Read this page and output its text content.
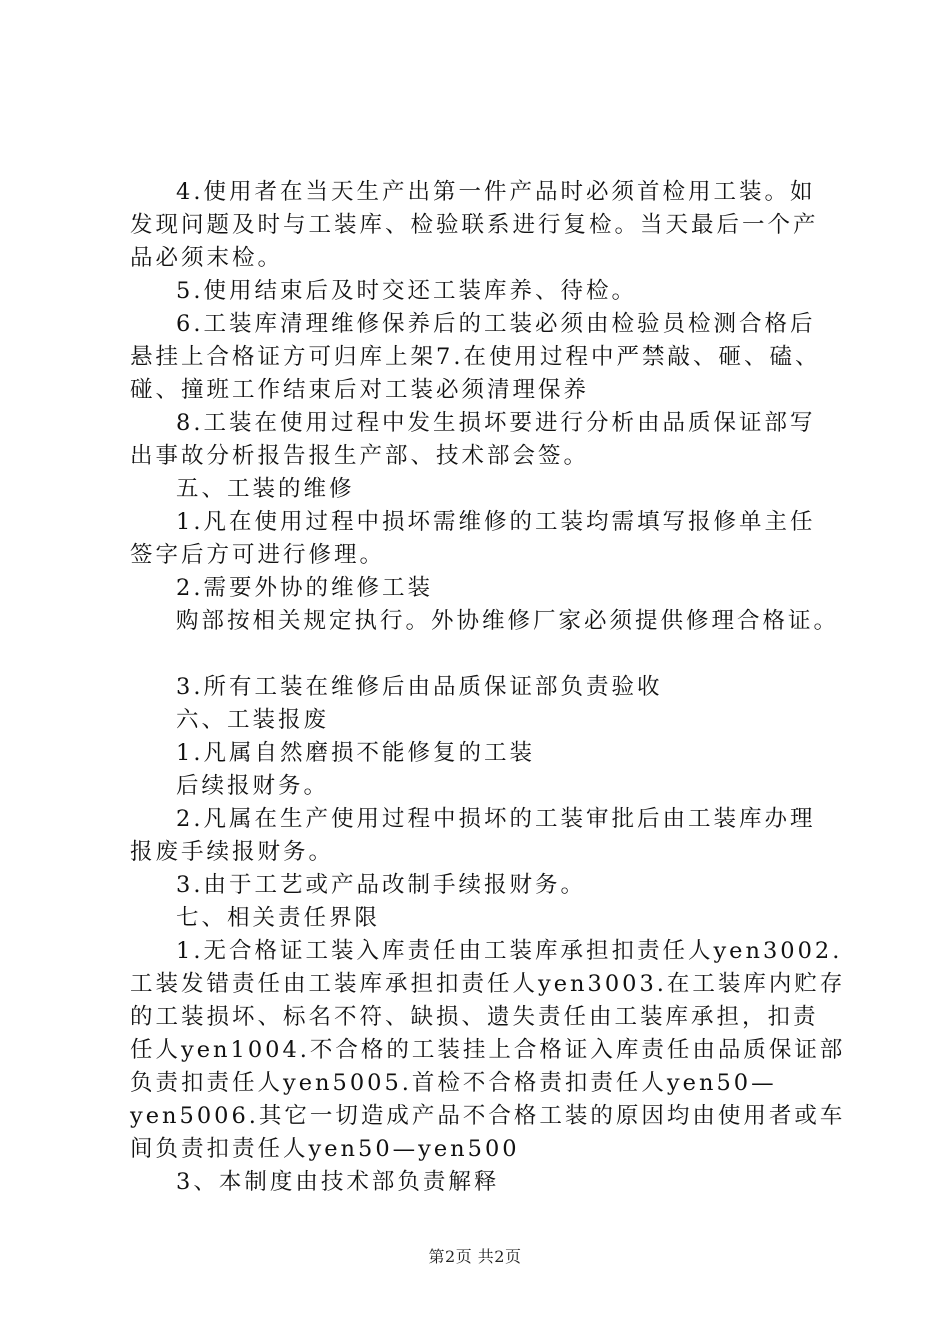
4.使用者在当天生产出第一件产品时必须首检用工装。如
发现问题及时与工装库、检验联系进行复检。当天最后一个产
品必须末检。
5.使用结束后及时交还工装库养、待检。
6.工装库清理维修保养后的工装必须由检验员检测合格后
悬挂上合格证方可归库上架7.在使用过程中严禁敲、砸、磕、
碰、撞班工作结束后对工装必须清理保养
8.工装在使用过程中发生损坏要进行分析由品质保证部写
出事故分析报告报生产部、技术部会签。
五、工装的维修
1.凡在使用过程中损坏需维修的工装均需填写报修单主任
签字后方可进行修理。
2.需要外协的维修工装
购部按相关规定执行。外协维修厂家必须提供修理合格证。
3.所有工装在维修后由品质保证部负责验收
六、工装报废
1.凡属自然磨损不能修复的工装
后续报财务。
2.凡属在生产使用过程中损坏的工装审批后由工装库办理
报废手续报财务。
3.由于工艺或产品改制手续报财务。
七、相关责任界限
1.无合格证工装入库责任由工装库承担扣责任人yen3002.
工装发错责任由工装库承担扣责任人yen3003.在工装库内贮存
的工装损坏、标名不符、缺损、遗失责任由工装库承担，扣责
任人yen1004.不合格的工装挂上合格证入库责任由品质保证部
负责扣责任人yen5005.首检不合格责扣责任人yen50—
yen5006.其它一切造成产品不合格工装的原因均由使用者或车
间负责扣责任人yen50—yen500
3、本制度由技术部负责解释
第2页 共2页
